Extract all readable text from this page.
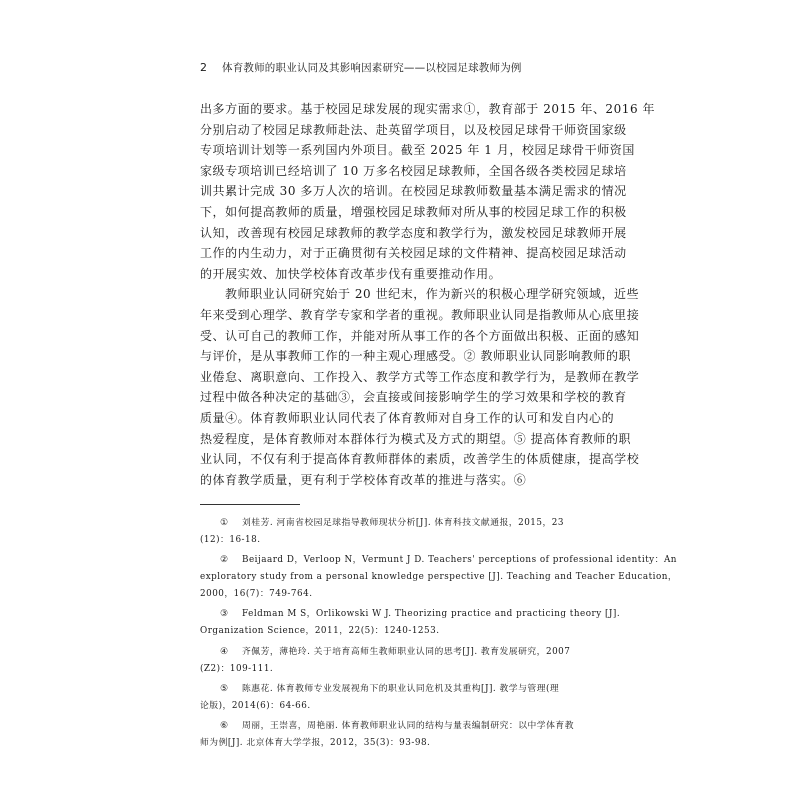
2 体育教师的职业认同及其影响因素研究——以校园足球教师为例
出多方面的要求。基于校园足球发展的现实需求①，教育部于 2015 年、2016 年
分别启动了校园足球教师赴法、赴英留学项目，以及校园足球骨干师资国家级
专项培训计划等一系列国内外项目。截至 2025 年 1 月，校园足球骨干师资国
家级专项培训已经培训了 10 万多名校园足球教师，全国各级各类校园足球培
训共累计完成 30 多万人次的培训。在校园足球教师数量基本满足需求的情况
下，如何提高教师的质量，增强校园足球教师对所从事的校园足球工作的积极
认知，改善现有校园足球教师的教学态度和教学行为，激发校园足球教师开展
工作的内生动力，对于正确贯彻有关校园足球的文件精神、提高校园足球活动
的开展实效、加快学校体育改革步伐有重要推动作用。
教师职业认同研究始于 20 世纪末，作为新兴的积极心理学研究领域，近些
年来受到心理学、教育学专家和学者的重视。教师职业认同是指教师从心底里接
受、认可自己的教师工作，并能对所从事工作的各个方面做出积极、正面的感知
与评价，是从事教师工作的一种主观心理感受。② 教师职业认同影响教师的职
业倦怠、离职意向、工作投入、教学方式等工作态度和教学行为，是教师在教学
过程中做各种决定的基础③，会直接或间接影响学生的学习效果和学校的教育
质量④。体育教师职业认同代表了体育教师对自身工作的认可和发自内心的
热爱程度，是体育教师对本群体行为模式及方式的期望。⑤ 提高体育教师的职
业认同，不仅有利于提高体育教师群体的素质，改善学生的体质健康，提高学校
的体育教学质量，更有利于学校体育改革的推进与落实。⑥
① 刘桂芳. 河南省校园足球指导教师现状分析[J]. 体育科技文献通报，2015，23
(12)：16-18.
② Beijaard D，Verloop N，Vermunt J D. Teachers' perceptions of professional identity：An
exploratory study from a personal knowledge perspective [J]. Teaching and Teacher Education，
2000，16(7)：749-764.
③ Feldman M S，Orlikowski W J. Theorizing practice and practicing theory [J].
Organization Science，2011，22(5)：1240-1253.
④ 齐佩芳，薄艳玲. 关于培育高师生教师职业认同的思考[J]. 教育发展研究，2007
(Z2)：109-111.
⑤ 陈惠花. 体育教师专业发展视角下的职业认同危机及其重构[J]. 教学与管理(理
论版)，2014(6)：64-66.
⑥ 周丽，王崇喜，周艳丽. 体育教师职业认同的结构与量表编制研究：以中学体育教
师为例[J]. 北京体育大学学报，2012，35(3)：93-98.
